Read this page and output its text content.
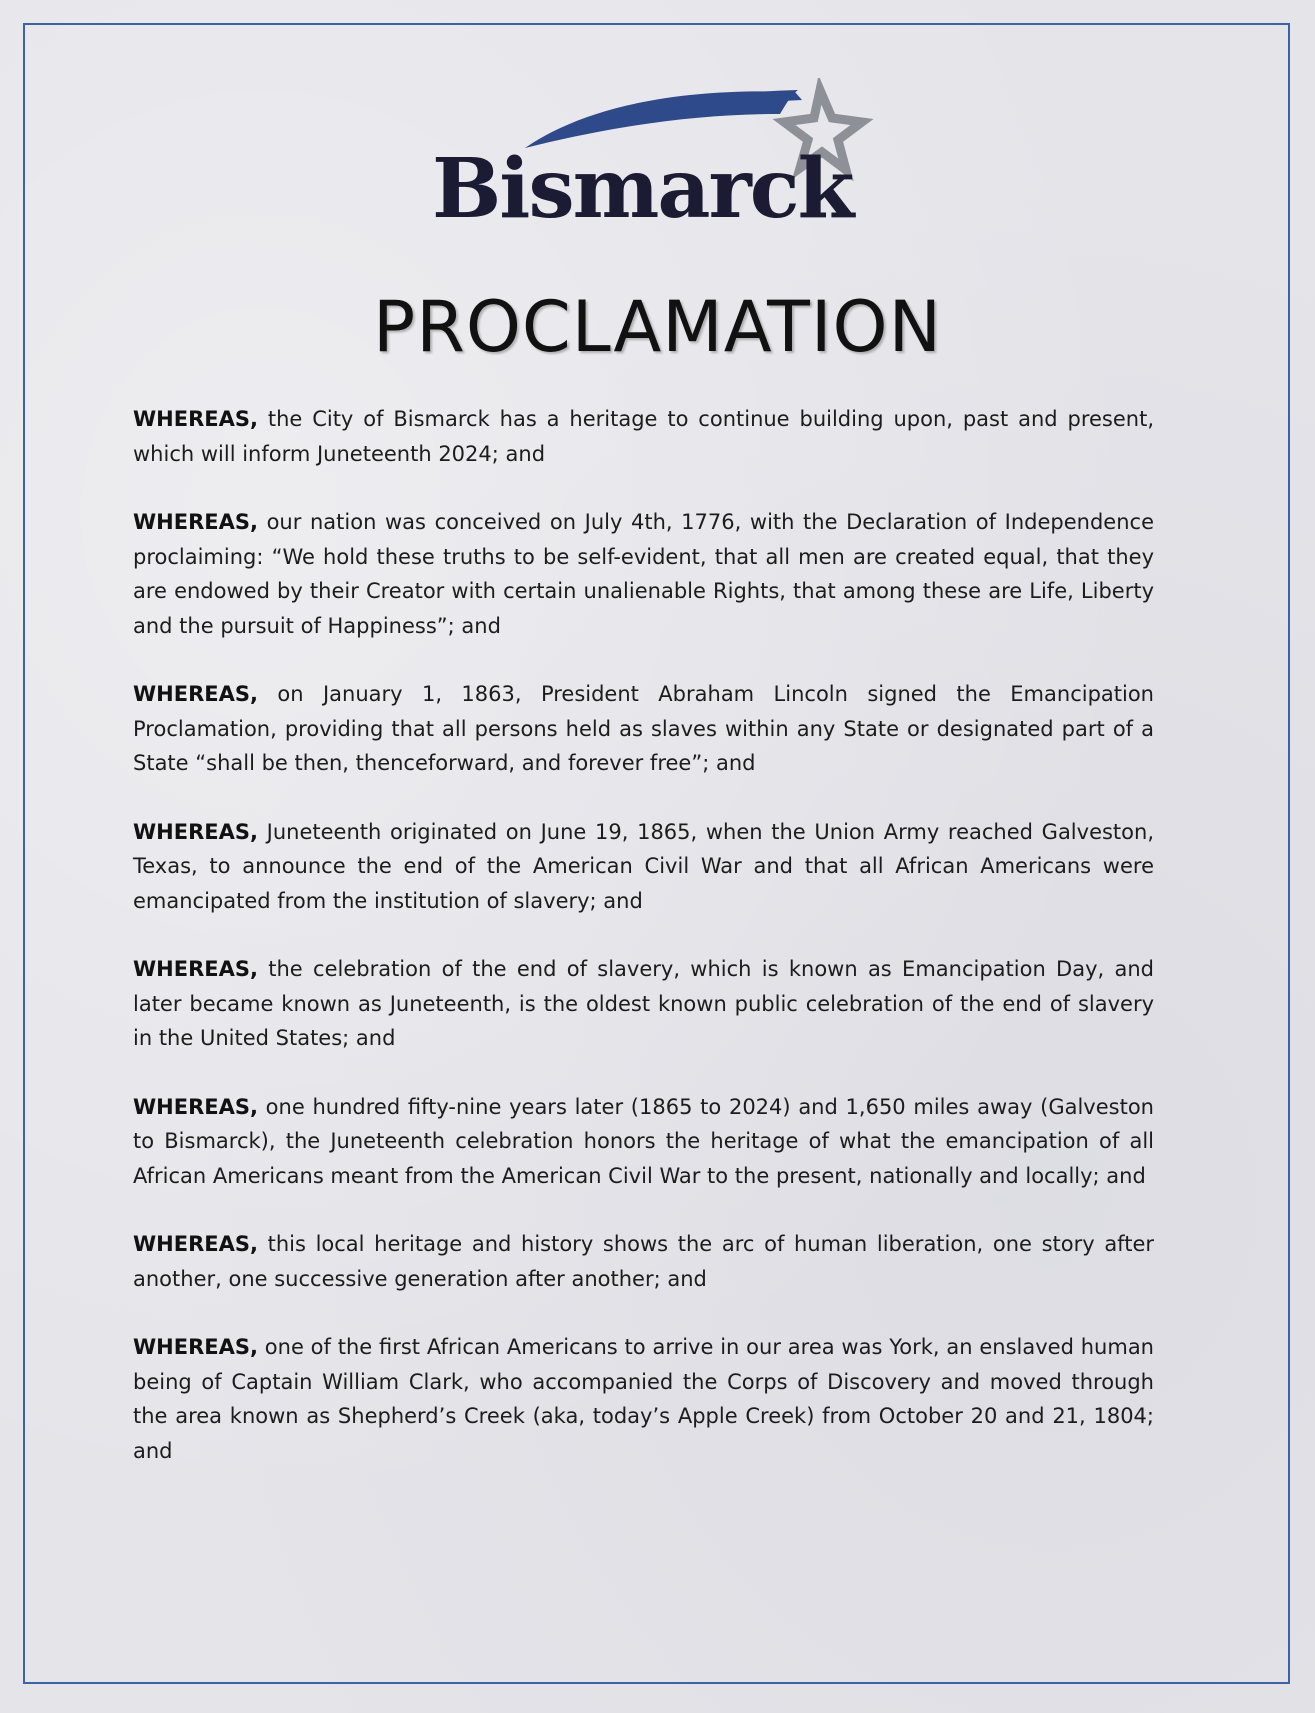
Bismarck
PROCLAMATION

WHEREAS, the City of Bismarck has a heritage to continue building upon, past and present, which will inform Juneteenth 2024; and

WHEREAS, our nation was conceived on July 4th, 1776, with the Declaration of Independence proclaiming: “We hold these truths to be self-evident, that all men are created equal, that they are endowed by their Creator with certain unalienable Rights, that among these are Life, Liberty and the pursuit of Happiness”; and

WHEREAS, on January 1, 1863, President Abraham Lincoln signed the Emancipation Proclamation, providing that all persons held as slaves within any State or designated part of a State “shall be then, thenceforward, and forever free”; and

WHEREAS, Juneteenth originated on June 19, 1865, when the Union Army reached Galveston, Texas, to announce the end of the American Civil War and that all African Americans were emancipated from the institution of slavery; and

WHEREAS, the celebration of the end of slavery, which is known as Emancipation Day, and later became known as Juneteenth, is the oldest known public celebration of the end of slavery in the United States; and

WHEREAS, one hundred fifty-nine years later (1865 to 2024) and 1,650 miles away (Galveston to Bismarck), the Juneteenth celebration honors the heritage of what the emancipation of all African Americans meant from the American Civil War to the present, nationally and locally; and

WHEREAS, this local heritage and history shows the arc of human liberation, one story after another, one successive generation after another; and

WHEREAS, one of the first African Americans to arrive in our area was York, an enslaved human being of Captain William Clark, who accompanied the Corps of Discovery and moved through the area known as Shepherd’s Creek (aka, today’s Apple Creek) from October 20 and 21, 1804; and
